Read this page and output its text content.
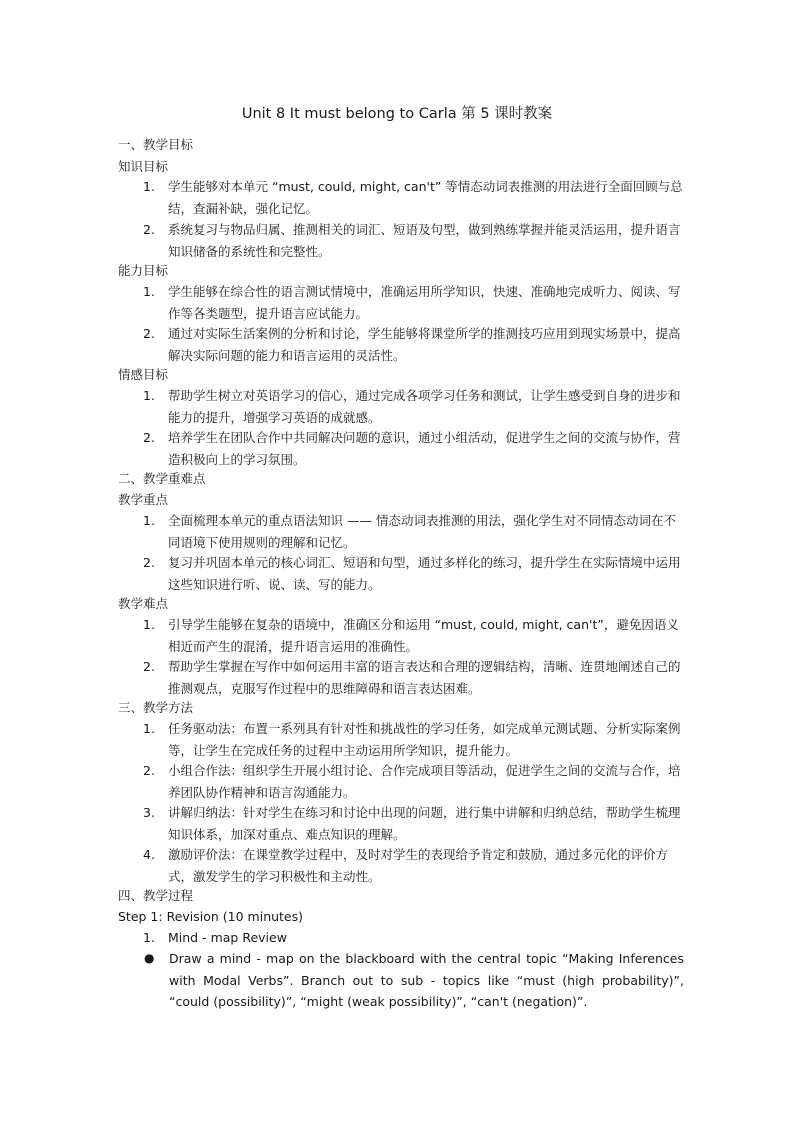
Unit 8 It must belong to Carla 第 5 课时教案
一、教学目标
知识目标
1. 学生能够对本单元 “must, could, might, can't” 等情态动词表推测的用法进行全面回顾与总结，查漏补缺，强化记忆。
2. 系统复习与物品归属、推测相关的词汇、短语及句型，做到熟练掌握并能灵活运用，提升语言知识储备的系统性和完整性。
能力目标
1. 学生能够在综合性的语言测试情境中，准确运用所学知识，快速、准确地完成听力、阅读、写作等各类题型，提升语言应试能力。
2. 通过对实际生活案例的分析和讨论，学生能够将课堂所学的推测技巧应用到现实场景中，提高解决实际问题的能力和语言运用的灵活性。
情感目标
1. 帮助学生树立对英语学习的信心，通过完成各项学习任务和测试，让学生感受到自身的进步和能力的提升，增强学习英语的成就感。
2. 培养学生在团队合作中共同解决问题的意识，通过小组活动，促进学生之间的交流与协作，营造积极向上的学习氛围。
二、教学重难点
教学重点
1. 全面梳理本单元的重点语法知识 —— 情态动词表推测的用法，强化学生对不同情态动词在不同语境下使用规则的理解和记忆。
2. 复习并巩固本单元的核心词汇、短语和句型，通过多样化的练习，提升学生在实际情境中运用这些知识进行听、说、读、写的能力。
教学难点
1. 引导学生能够在复杂的语境中，准确区分和运用 “must, could, might, can't”，避免因语义相近而产生的混淆，提升语言运用的准确性。
2. 帮助学生掌握在写作中如何运用丰富的语言表达和合理的逻辑结构，清晰、连贯地阐述自己的推测观点，克服写作过程中的思维障碍和语言表达困难。
三、教学方法
1. 任务驱动法：布置一系列具有针对性和挑战性的学习任务，如完成单元测试题、分析实际案例等，让学生在完成任务的过程中主动运用所学知识，提升能力。
2. 小组合作法：组织学生开展小组讨论、合作完成项目等活动，促进学生之间的交流与合作，培养团队协作精神和语言沟通能力。
3. 讲解归纳法：针对学生在练习和讨论中出现的问题，进行集中讲解和归纳总结，帮助学生梳理知识体系，加深对重点、难点知识的理解。
4. 激励评价法：在课堂教学过程中，及时对学生的表现给予肯定和鼓励，通过多元化的评价方式，激发学生的学习积极性和主动性。
四、教学过程
Step 1: Revision (10 minutes)
1. Mind - map Review
● Draw a mind - map on the blackboard with the central topic “Making Inferences with Modal Verbs”. Branch out to sub - topics like “must (high probability)”, “could (possibility)”, “might (weak possibility)”, “can't (negation)”.
